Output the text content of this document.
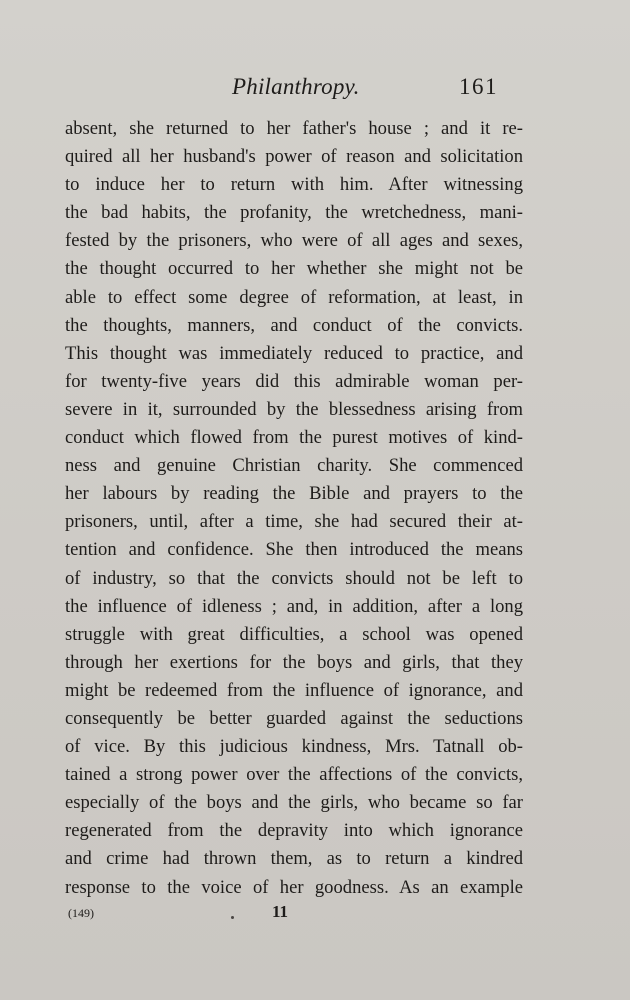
Philanthropy.	161
absent, she returned to her father's house ; and it re-
quired all her husband's power of reason and solicitation
to induce her to return with him. After witnessing
the bad habits, the profanity, the wretchedness, mani-
fested by the prisoners, who were of all ages and sexes,
the thought occurred to her whether she might not be
able to effect some degree of reformation, at least, in
the thoughts, manners, and conduct of the convicts.
This thought was immediately reduced to practice, and
for twenty-five years did this admirable woman per-
severe in it, surrounded by the blessedness arising from
conduct which flowed from the purest motives of kind-
ness and genuine Christian charity. She commenced
her labours by reading the Bible and prayers to the
prisoners, until, after a time, she had secured their at-
tention and confidence. She then introduced the means
of industry, so that the convicts should not be left to
the influence of idleness ; and, in addition, after a long
struggle with great difficulties, a school was opened
through her exertions for the boys and girls, that they
might be redeemed from the influence of ignorance, and
consequently be better guarded against the seductions
of vice. By this judicious kindness, Mrs. Tatnall ob-
tained a strong power over the affections of the convicts,
especially of the boys and the girls, who became so far
regenerated from the depravity into which ignorance
and crime had thrown them, as to return a kindred
response to the voice of her goodness. As an example
(149)	11
